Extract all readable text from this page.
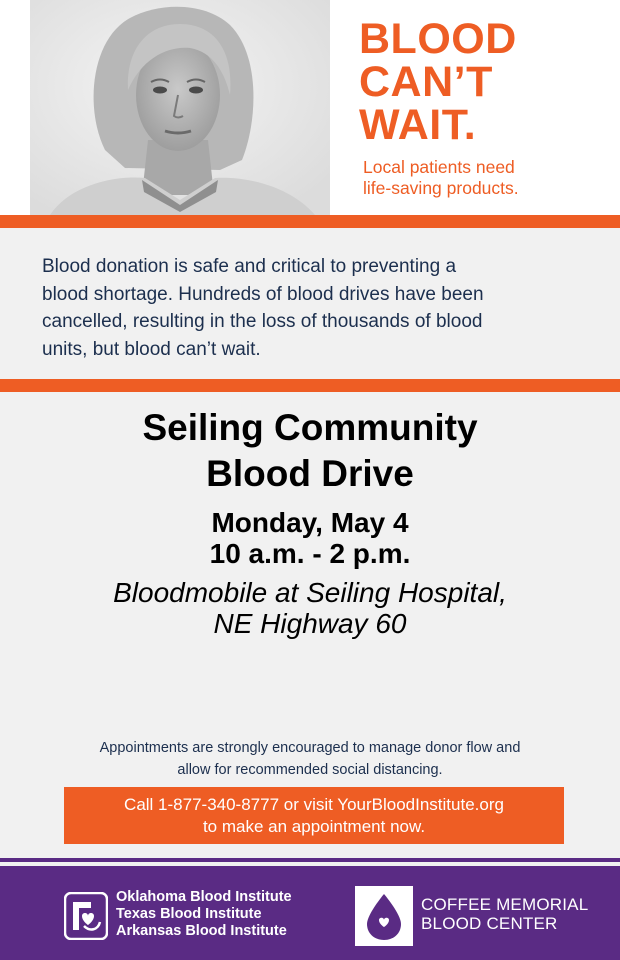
BLOOD
CAN’T
WAIT.
Local patients need
life-saving products.
Blood donation is safe and critical to preventing a
blood shortage. Hundreds of blood drives have been
cancelled, resulting in the loss of thousands of blood
units, but blood can’t wait.
Seiling Community
Blood Drive
Monday, May 4
10 a.m. - 2 p.m.
Bloodmobile at Seiling Hospital,
NE Highway 60
Appointments are strongly encouraged to manage donor flow and
allow for recommended social distancing.
Call 1-877-340-8777 or visit YourBloodInstitute.org
to make an appointment now.
Oklahoma Blood Institute
Texas Blood Institute
Arkansas Blood Institute
COFFEE MEMORIAL
BLOOD CENTER
